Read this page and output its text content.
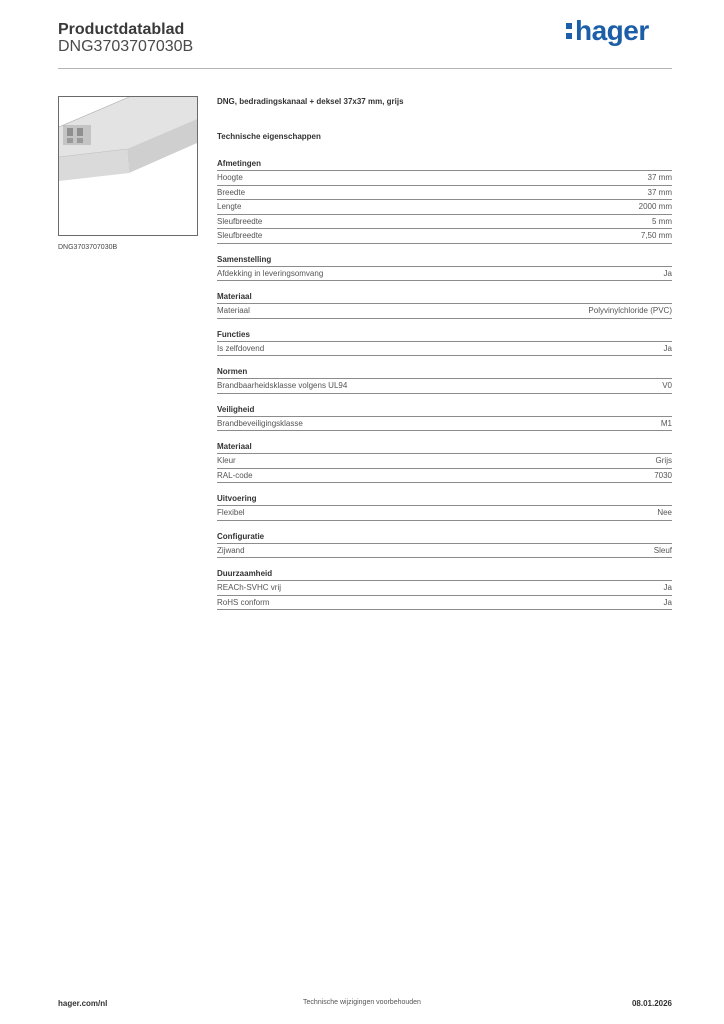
Productdatablad
DNG3703707030B
hager
DNG3703707030B
DNG, bedradingskanaal + deksel 37x37 mm, grijs
Technische eigenschappen
Afmetingen
Hoogte	37 mm
Breedte	37 mm
Lengte	2000 mm
Sleufbreedte	5 mm
Sleufbreedte	7,50 mm
Samenstelling
Afdekking in leveringsomvang	Ja
Materiaal
Materiaal	Polyvinylchloride (PVC)
Functies
Is zelfdovend	Ja
Normen
Brandbaarheidsklasse volgens UL94	V0
Veiligheid
Brandbeveiligingsklasse	M1
Materiaal
Kleur	Grijs
RAL-code	7030
Uitvoering
Flexibel	Nee
Configuratie
Zijwand	Sleuf
Duurzaamheid
REACh-SVHC vrij	Ja
RoHS conform	Ja
hager.com/nl	Technische wijzigingen voorbehouden	08.01.2026
